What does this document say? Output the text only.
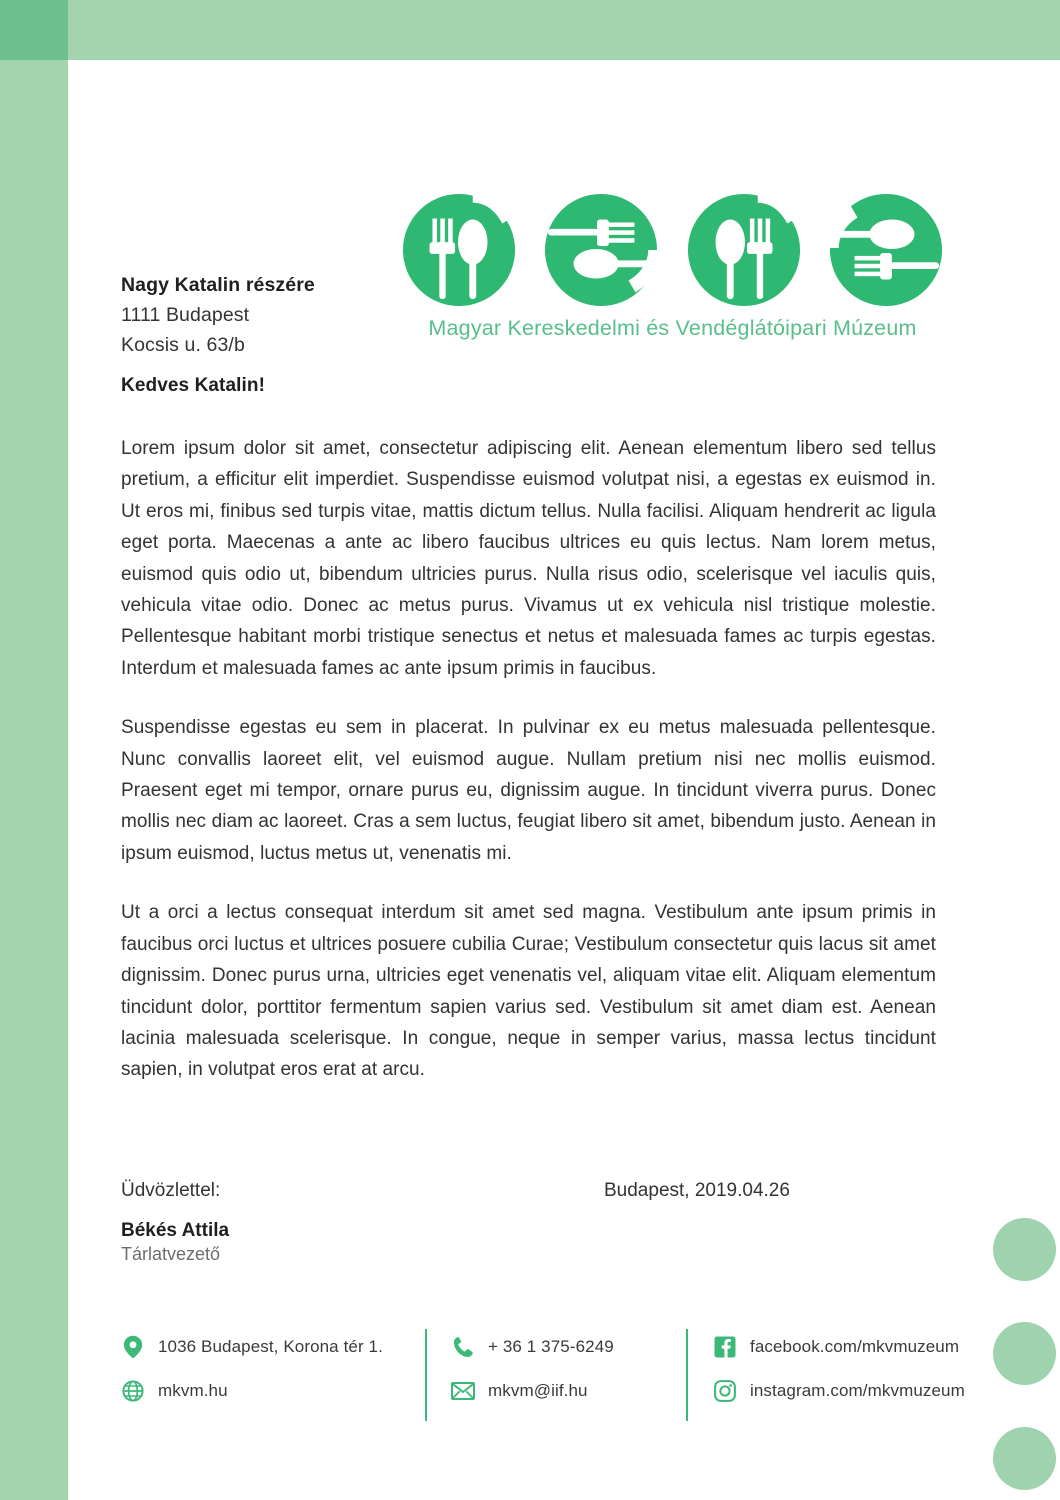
Nagy Katalin részére
1111 Budapest
Kocsis u. 63/b
Magyar Kereskedelmi és Vendéglátóipari Múzeum
Kedves Katalin!

Lorem ipsum dolor sit amet, consectetur adipiscing elit. Aenean elementum libero sed tellus pretium, a efficitur elit imperdiet. Suspendisse euismod volutpat nisi, a egestas ex euismod in. Ut eros mi, finibus sed turpis vitae, mattis dictum tellus. Nulla facilisi. Aliquam hendrerit ac ligula eget porta. Maecenas a ante ac libero faucibus ultrices eu quis lectus. Nam lorem metus, euismod quis odio ut, bibendum ultricies purus. Nulla risus odio, scelerisque vel iaculis quis, vehicula vitae odio. Donec ac metus purus. Vivamus ut ex vehicula nisl tristique molestie. Pellentesque habitant morbi tristique senectus et netus et malesuada fames ac turpis egestas. Interdum et malesuada fames ac ante ipsum primis in faucibus.

Suspendisse egestas eu sem in placerat. In pulvinar ex eu metus malesuada pellentesque. Nunc convallis laoreet elit, vel euismod augue. Nullam pretium nisi nec mollis euismod. Praesent eget mi tempor, ornare purus eu, dignissim augue. In tincidunt viverra purus. Donec mollis nec diam ac laoreet. Cras a sem luctus, feugiat libero sit amet, bibendum justo. Aenean in ipsum euismod, luctus metus ut, venenatis mi.

Ut a orci a lectus consequat interdum sit amet sed magna. Vestibulum ante ipsum primis in faucibus orci luctus et ultrices posuere cubilia Curae; Vestibulum consectetur quis lacus sit amet dignissim. Donec purus urna, ultricies eget venenatis vel, aliquam vitae elit. Aliquam elementum tincidunt dolor, porttitor fermentum sapien varius sed. Vestibulum sit amet diam est. Aenean lacinia malesuada scelerisque. In congue, neque in semper varius, massa lectus tincidunt sapien, in volutpat eros erat at arcu.

Üdvözlettel:	Budapest, 2019.04.26
Békés Attila
Tárlatvezető
1036 Budapest, Korona tér 1.
mkvm.hu
+ 36 1 375-6249
mkvm@iif.hu
facebook.com/mkvmuzeum
instagram.com/mkvmuzeum
